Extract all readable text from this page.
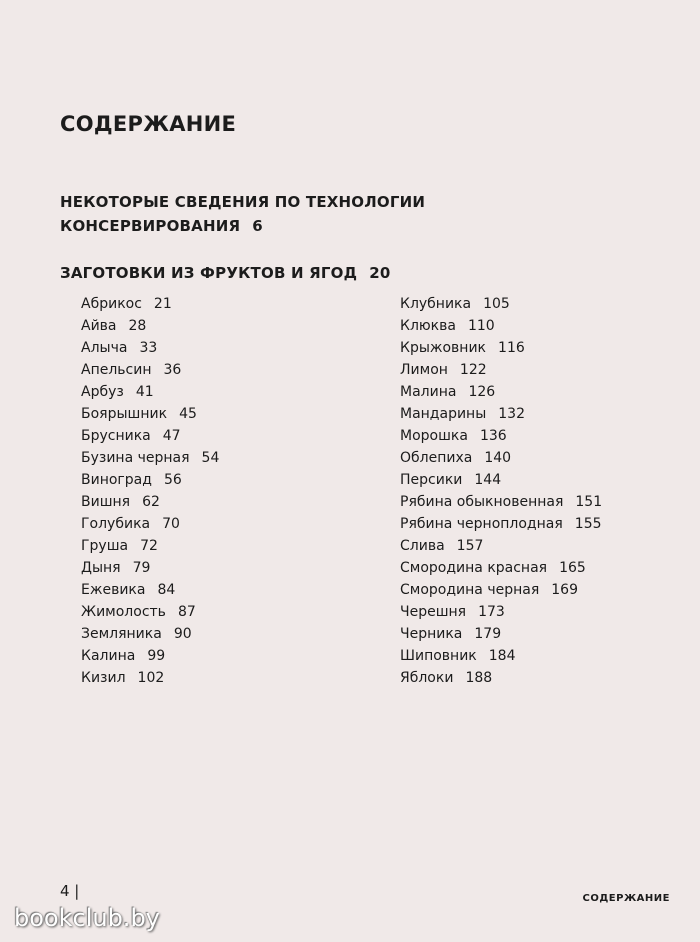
СОДЕРЖАНИЕ
НЕКОТОРЫЕ СВЕДЕНИЯ ПО ТЕХНОЛОГИИ
КОНСЕРВИРОВАНИЯ 6
ЗАГОТОВКИ ИЗ ФРУКТОВ И ЯГОД 20
Абрикос 21
Айва 28
Алыча 33
Апельсин 36
Арбуз 41
Боярышник 45
Брусника 47
Бузина черная 54
Виноград 56
Вишня 62
Голубика 70
Груша 72
Дыня 79
Ежевика 84
Жимолость 87
Земляника 90
Калина 99
Кизил 102
Клубника 105
Клюква 110
Крыжовник 116
Лимон 122
Малина 126
Мандарины 132
Морошка 136
Облепиха 140
Персики 144
Рябина обыкновенная 151
Рябина черноплодная 155
Слива 157
Смородина красная 165
Смородина черная 169
Черешня 173
Черника 179
Шиповник 184
Яблоки 188
4 |	СОДЕРЖАНИЕ
bookclub.by
